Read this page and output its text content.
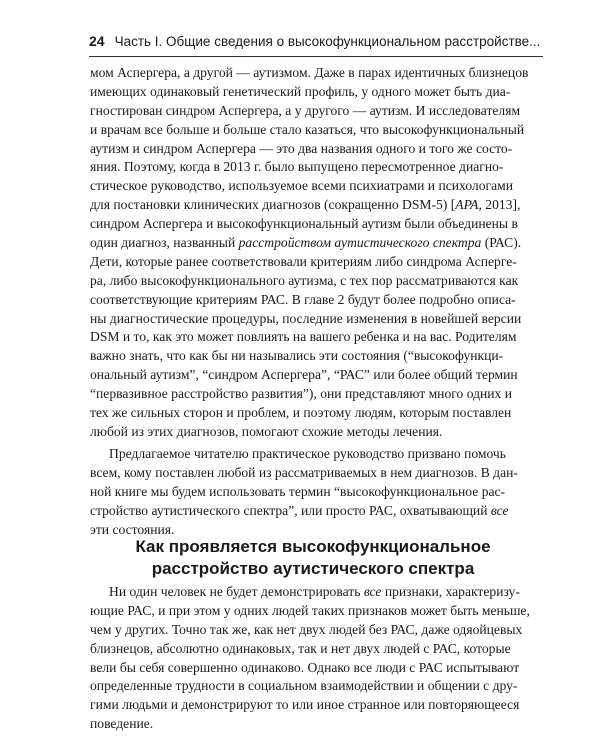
24 Часть I. Общие сведения о высокофункциональном расстройстве...
мом Аспергера, а другой — аутизмом. Даже в парах идентичных близнецов
имеющих одинаковый генетический профиль, у одного может быть диа-
гностирован синдром Аспергера, а у другого — аутизм. И исследователям
и врачам все больше и больше стало казаться, что высокофункциональный
аутизм и синдром Аспергера — это два названия одного и того же состо-
яния. Поэтому, когда в 2013 г. было выпущено пересмотренное диагно-
стическое руководство, используемое всеми психиатрами и психологами
для постановки клинических диагнозов (сокращенно DSM-5) [APA, 2013],
синдром Аспергера и высокофункциональный аутизм были объединены в
один диагноз, названный расстройством аутистического спектра (РАС).
Дети, которые ранее соответствовали критериям либо синдрома Асперге-
ра, либо высокофункционального аутизма, с тех пор рассматриваются как
соответствующие критериям РАС. В главе 2 будут более подробно описа-
ны диагностические процедуры, последние изменения в новейшей версии
DSM и то, как это может повлиять на вашего ребенка и на вас. Родителям
важно знать, что как бы ни назывались эти состояния (“высокофункци-
ональный аутизм”, “синдром Аспергера”, “РАС” или более общий термин
“первазивное расстройство развития”), они представляют много одних и
тех же сильных сторон и проблем, и поэтому людям, которым поставлен
любой из этих диагнозов, помогают схожие методы лечения.
Предлагаемое читателю практическое руководство призвано помочь
всем, кому поставлен любой из рассматриваемых в нем диагнозов. В дан-
ной книге мы будем использовать термин “высокофункциональное рас-
стройство аутистического спектра”, или просто РАС, охватывающий все
эти состояния.
Как проявляется высокофункциональное
расстройство аутистического спектра
Ни один человек не будет демонстрировать все признаки, характеризу-
ющие РАС, и при этом у одних людей таких признаков может быть меньше,
чем у других. Точно так же, как нет двух людей без РАС, даже одяойцевых
близнецов, абсолютно одинаковых, так и нет двух людей с РАС, которые
вели бы себя совершенно одинаково. Однако все люди с РАС испытывают
определенные трудности в социальном взаимодействии и общении с дру-
гими людьми и демонстрируют то или иное странное или повторяющееся
поведение.
